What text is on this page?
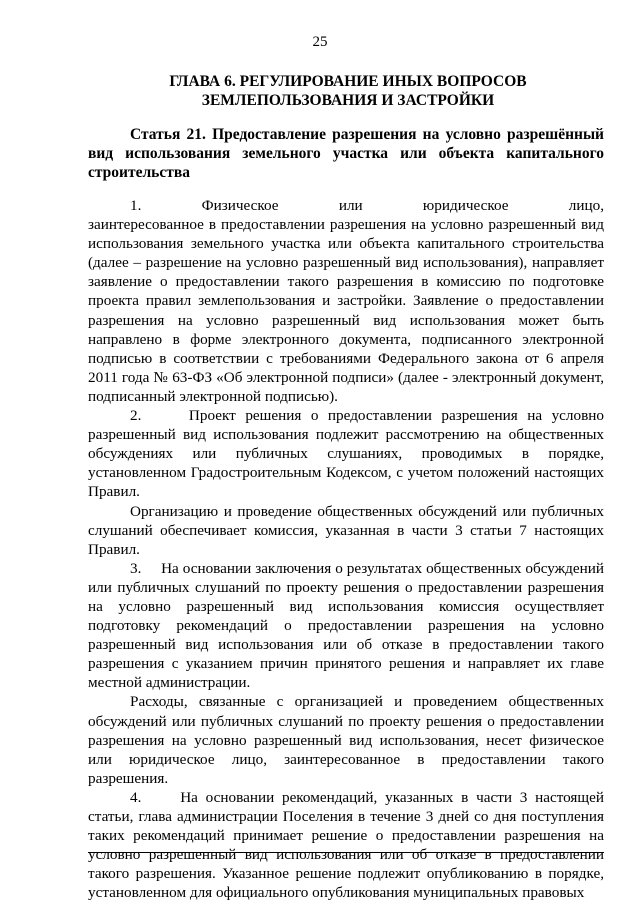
25
ГЛАВА 6. РЕГУЛИРОВАНИЕ ИНЫХ ВОПРОСОВ
ЗЕМЛЕПОЛЬЗОВАНИЯ И ЗАСТРОЙКИ
Статья 21. Предоставление разрешения на условно разрешённый вид использования земельного участка или объекта капитального строительства

1.        Физическое        или        юридическое        лицо,        заинтересованное в предоставлении разрешения на условно разрешенный вид использования земельного участка или объекта капитального строительства (далее – разрешение на условно разрешенный вид использования), направляет заявление о предоставлении такого разрешения в комиссию по подготовке проекта правил землепользования и застройки. Заявление о предоставлении разрешения на условно разрешенный вид использования может быть направлено в форме электронного документа, подписанного электронной подписью в соответствии с требованиями Федерального закона от 6 апреля 2011 года № 63-ФЗ «Об электронной подписи» (далее - электронный документ, подписанный электронной подписью).

2.     Проект решения о предоставлении разрешения на условно разрешенный вид использования подлежит рассмотрению на общественных обсуждениях или публичных слушаниях, проводимых в порядке, установленном Градостроительным Кодексом, с учетом положений настоящих Правил.

Организацию и проведение общественных обсуждений или публичных слушаний обеспечивает комиссия, указанная в части 3 статьи 7 настоящих Правил.

3.     На основании заключения о результатах общественных обсуждений или публичных слушаний по проекту решения о предоставлении разрешения на условно разрешенный вид использования комиссия осуществляет подготовку рекомендаций о предоставлении разрешения на условно разрешенный вид использования или об отказе в предоставлении такого разрешения с указанием причин принятого решения и направляет их главе местной администрации.

Расходы, связанные с организацией и проведением общественных обсуждений или публичных слушаний по проекту решения о предоставлении разрешения на условно разрешенный вид использования, несет физическое или юридическое лицо, заинтересованное в предоставлении такого разрешения.

4.     На основании рекомендаций, указанных в части 3 настоящей статьи, глава администрации Поселения в течение 3 дней со дня поступления таких рекомендаций принимает решение о предоставлении разрешения на условно разрешенный вид использования или об отказе в предоставлении такого разрешения. Указанное решение подлежит опубликованию в порядке, установленном для официального опубликования муниципальных правовых
